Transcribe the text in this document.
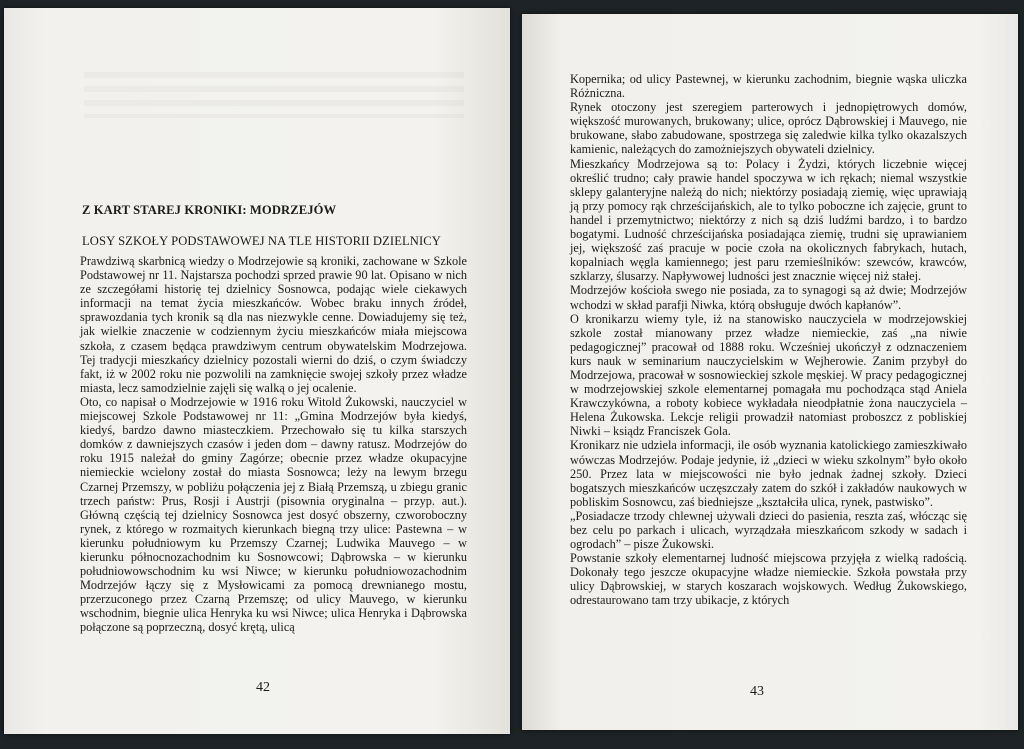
Z KART STAREJ KRONIKI: MODRZEJÓW
LOSY SZKOŁY PODSTAWOWEJ NA TLE HISTORII DZIELNICY

Prawdziwą skarbnicą wiedzy o Modrzejowie są kroniki, zachowane w Szkole Podstawowej nr 11. Najstarsza pochodzi sprzed prawie 90 lat. Opisano w nich ze szczegółami historię tej dzielnicy Sosnowca, podając wiele ciekawych informacji na temat życia mieszkańców. Wobec braku innych źródeł, sprawozdania tych kronik są dla nas niezwykle cenne. Dowiadujemy się też, jak wielkie znaczenie w codziennym życiu mieszkańców miała miejscowa szkoła, z czasem będąca prawdziwym centrum obywatelskim Modrzejowa. Tej tradycji mieszkańcy dzielnicy pozostali wierni do dziś, o czym świadczy fakt, iż w 2002 roku nie pozwolili na zamknięcie swojej szkoły przez władze miasta, lecz samodzielnie zajęli się walką o jej ocalenie.

Oto, co napisał o Modrzejowie w 1916 roku Witold Żukowski, nauczyciel w miejscowej Szkole Podstawowej nr 11: „Gmina Modrzejów była kiedyś, kiedyś, bardzo dawno miasteczkiem. Przechowało się tu kilka starszych domków z dawniejszych czasów i jeden dom – dawny ratusz. Modrzejów do roku 1915 należał do gminy Zagórze; obecnie przez władze okupacyjne niemieckie wcielony został do miasta Sosnowca; leży na lewym brzegu Czarnej Przemszy, w pobliżu połączenia jej z Białą Przemszą, u zbiegu granic trzech państw: Prus, Rosji i Austrji (pisownia oryginalna – przyp. aut.). Główną częścią tej dzielnicy Sosnowca jest dosyć obszerny, czworoboczny rynek, z którego w rozmaitych kierunkach biegną trzy ulice: Pastewna – w kierunku południowym ku Przemszy Czarnej; Ludwika Mauvego – w kierunku północnozachodnim ku Sosnowcowi; Dąbrowska – w kierunku południowowschodnim ku wsi Niwce; w kierunku południowozachodnim Modrzejów łączy się z Mysłowicami za pomocą drewnianego mostu, przerzuconego przez Czarną Przemszę; od ulicy Mauvego, w kierunku wschodnim, biegnie ulica Henryka ku wsi Niwce; ulica Henryka i Dąbrowska połączone są poprzeczną, dosyć krętą, ulicą

42

Kopernika; od ulicy Pastewnej, w kierunku zachodnim, biegnie wąska uliczka Różniczna.

Rynek otoczony jest szeregiem parterowych i jednopiętrowych domów, większość murowanych, brukowany; ulice, oprócz Dąbrowskiej i Mauvego, nie brukowane, słabo zabudowane, spostrzega się zaledwie kilka tylko okazalszych kamienic, należących do zamożniejszych obywateli dzielnicy.

Mieszkańcy Modrzejowa są to: Polacy i Żydzi, których liczebnie więcej określić trudno; cały prawie handel spoczywa w ich rękach; niemal wszystkie sklepy galanteryjne należą do nich; niektórzy posiadają ziemię, więc uprawiają ją przy pomocy rąk chrześcijańskich, ale to tylko poboczne ich zajęcie, grunt to handel i przemytnictwo; niektórzy z nich są dziś ludźmi bardzo, i to bardzo bogatymi. Ludność chrześcijańska posiadająca ziemię, trudni się uprawianiem jej, większość zaś pracuje w pocie czoła na okolicznych fabrykach, hutach, kopalniach węgla kamiennego; jest paru rzemieślników: szewców, krawców, szklarzy, ślusarzy. Napływowej ludności jest znacznie więcej niż stałej.

Modrzejów kościoła swego nie posiada, za to synagogi są aż dwie; Modrzejów wchodzi w skład parafji Niwka, którą obsługuje dwóch kapłanów”.

O kronikarzu wiemy tyle, iż na stanowisko nauczyciela w modrzejowskiej szkole został mianowany przez władze niemieckie, zaś „na niwie pedagogicznej” pracował od 1888 roku. Wcześniej ukończył z odznaczeniem kurs nauk w seminarium nauczycielskim w Wejherowie. Zanim przybył do Modrzejowa, pracował w sosnowieckiej szkole męskiej. W pracy pedagogicznej w modrzejowskiej szkole elementarnej pomagała mu pochodząca stąd Aniela Krawczykówna, a roboty kobiece wykładała nieodpłatnie żona nauczyciela – Helena Żukowska. Lekcje religii prowadził natomiast proboszcz z pobliskiej Niwki – ksiądz Franciszek Gola.

Kronikarz nie udziela informacji, ile osób wyznania katolickiego zamieszkiwało wówczas Modrzejów. Podaje jedynie, iż „dzieci w wieku szkolnym” było około 250. Przez lata w miejscowości nie było jednak żadnej szkoły. Dzieci bogatszych mieszkańców uczęszczały zatem do szkół i zakładów naukowych w pobliskim Sosnowcu, zaś biedniejsze „kształciła ulica, rynek, pastwisko”.

„Posiadacze trzody chlewnej używali dzieci do pasienia, reszta zaś, włócząc się bez celu po parkach i ulicach, wyrządzała mieszkańcom szkody w sadach i ogrodach” – pisze Żukowski.

Powstanie szkoły elementarnej ludność miejscowa przyjęła z wielką radością. Dokonały tego jeszcze okupacyjne władze niemieckie. Szkoła powstała przy ulicy Dąbrowskiej, w starych koszarach wojskowych. Według Żukowskiego, odrestaurowano tam trzy ubikacje, z których

43
